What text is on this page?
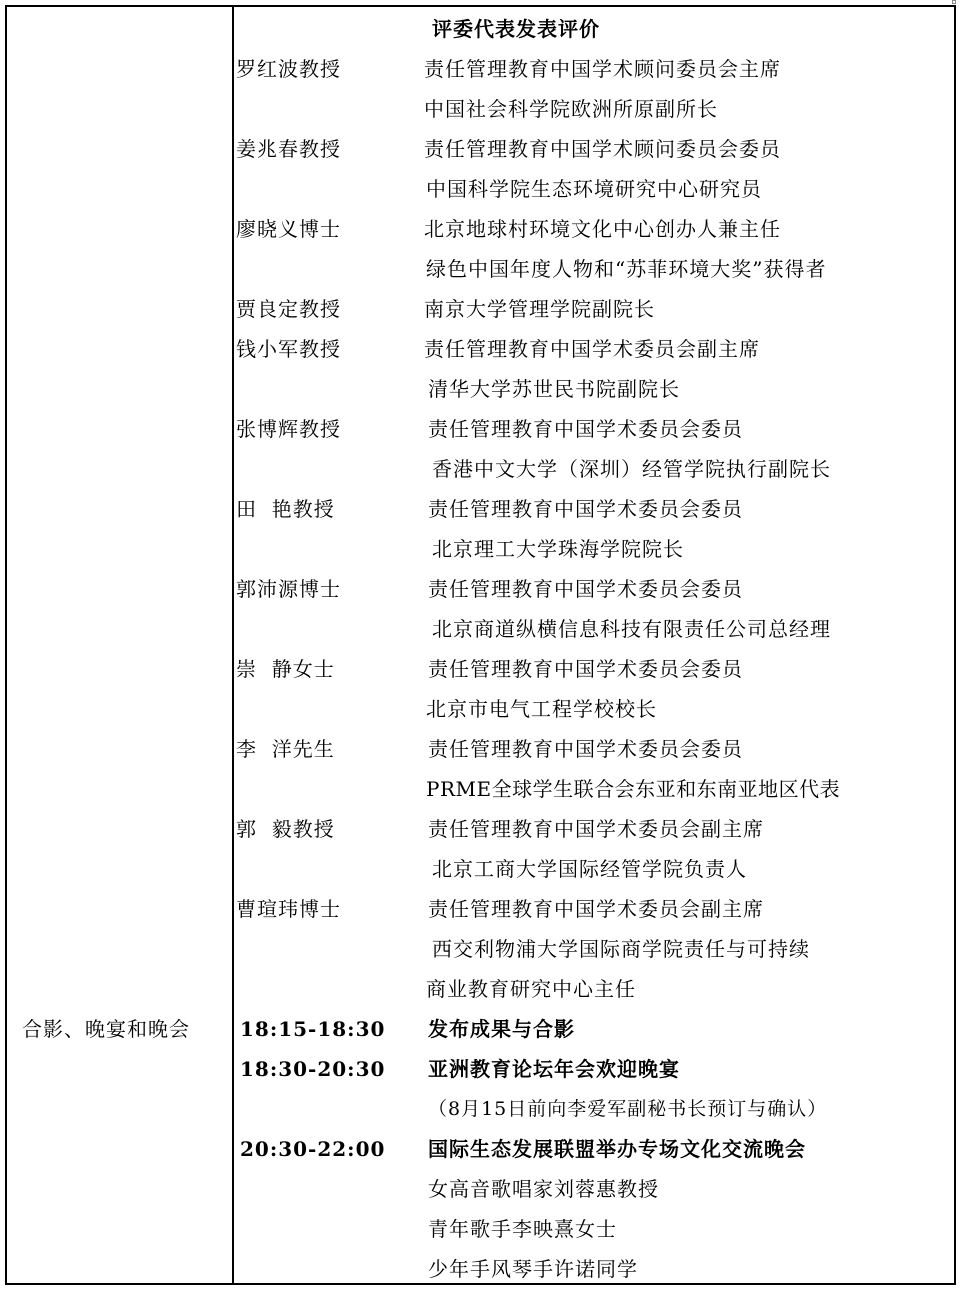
评委代表发表评价
罗红波教授	责任管理教育中国学术顾问委员会主席
中国社会科学院欧洲所原副所长
姜兆春教授	责任管理教育中国学术顾问委员会委员
中国科学院生态环境研究中心研究员
廖晓义博士	北京地球村环境文化中心创办人兼主任
绿色中国年度人物和“苏菲环境大奖”获得者
贾良定教授	南京大学管理学院副院长
钱小军教授	责任管理教育中国学术委员会副主席
清华大学苏世民书院副院长
张博辉教授	责任管理教育中国学术委员会委员
香港中文大学（深圳）经管学院执行副院长
田  艳教授	责任管理教育中国学术委员会委员
北京理工大学珠海学院院长
郭沛源博士	责任管理教育中国学术委员会委员
北京商道纵横信息科技有限责任公司总经理
崇  静女士	责任管理教育中国学术委员会委员
北京市电气工程学校校长
李  洋先生	责任管理教育中国学术委员会委员
PRME全球学生联合会东亚和东南亚地区代表
郭  毅教授	责任管理教育中国学术委员会副主席
北京工商大学国际经管学院负责人
曹瑄玮博士	责任管理教育中国学术委员会副主席
西交利物浦大学国际商学院责任与可持续
商业教育研究中心主任
合影、晚宴和晚会	18:15-18:30 发布成果与合影
18:30-20:30 亚洲教育论坛年会欢迎晚宴
（8月15日前向李爱军副秘书长预订与确认）
20:30-22:00 国际生态发展联盟举办专场文化交流晚会
女高音歌唱家刘蓉惠教授
青年歌手李映熹女士
少年手风琴手许诺同学
